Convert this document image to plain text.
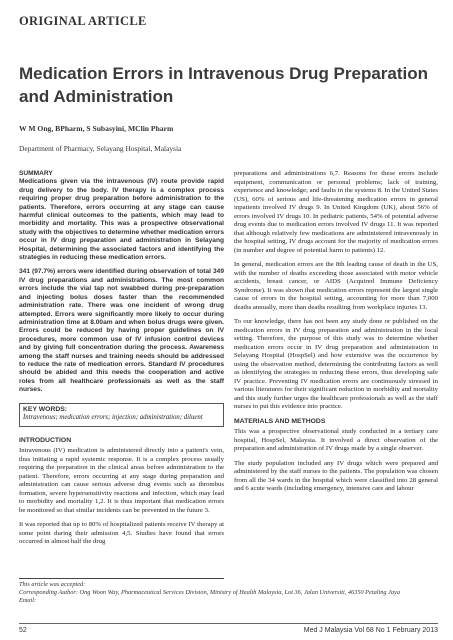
ORIGINAL ARTICLE
Medication Errors in Intravenous Drug Preparation and Administration
W M Ong, BPharm, S Subasyini, MClin Pharm
Department of Pharmacy, Selayang Hospital, Malaysia
SUMMARY

Medications given via the intravenous (IV) route provide rapid drug delivery to the body. IV therapy is a complex process requiring proper drug preparation before administration to the patients. Therefore, errors occurring at any stage can cause harmful clinical outcomes to the patients, which may lead to morbidity and mortality. This was a prospective observational study with the objectives to determine whether medication errors occur in IV drug preparation and administration in Selayang Hospital, determining the associated factors and identifying the strategies in reducing these medication errors.

341 (97.7%) errors were identified during observation of total 349 IV drug preparations and administrations. The most common errors include the vial tap not swabbed during pre-preparation and injecting bolus doses faster than the recommended administration rate. There was one incident of wrong drug attempted. Errors were significantly more likely to occur during administration time at 8.00am and when bolus drugs were given. Errors could be reduced by having proper guidelines on IV procedures, more common use of IV infusion control devices and by giving full concentration during the process. Awareness among the staff nurses and training needs should be addressed to reduce the rate of medication errors. Standard IV procedures should be abided and this needs the cooperation and active roles from all healthcare professionals as well as the staff nurses.

KEY WORDS:
Intravenous; medication errors; injection; administration; diluent
INTRODUCTION

Intravenous (IV) medication is administered directly into a patient's vein, thus initiating a rapid systemic response. It is a complex process usually requiring the preparation in the clinical areas before administration to the patient. Therefore, errors occurring at any stage during preparation and administration can cause serious adverse drug events such as thrombus formation, severe hypersensitivity reactions and infection, which may lead to morbidity and mortality 1,2. It is thus important that medication errors be monitored so that similar incidents can be prevented in the future 3.

It was reported that up to 80% of hospitalized patients receive IV therapy at some point during their admission 4,5. Studies have found that errors occurred in almost half the drug

preparations and administrations 6,7. Reasons for these errors include equipment, communication or personal problems; lack of training, experience and knowledge; and faults in the systems 8. In the United States (US), 60% of serious and life-threatening medication errors in general inpatients involved IV drugs 9. In United Kingdom (UK), about 56% of errors involved IV drugs 10. In pediatric patients, 54% of potential adverse drug events due to medication errors involved IV drugs 11. It was reported that although relatively few medications are administered intravenously in the hospital setting, IV drugs account for the majority of medication errors (in number and degree of potential harm to patients) 12.

In general, medication errors are the 8th leading cause of death in the US, with the number of deaths exceeding those associated with motor vehicle accidents, breast cancer, or AIDS (Acquired Immune Deficiency Syndrome). It was shown that medication errors represent the largest single cause of errors in the hospital setting, accounting for more than 7,000 deaths annually, more than deaths resulting from workplace injuries 13.

To our knowledge, there has not been any study done or published on the medication errors in IV drug preparation and administration in the local setting. Therefore, the purpose of this study was to determine whether medication errors occur in IV drug preparation and administration in Selayang Hospital (HospSel) and how extensive was the occurrence by using the observation method, determining the contributing factors as well as identifying the strategies in reducing these errors, thus developing safe IV practice. Preventing IV medication errors are continuously stressed in various literatures for their significant reduction in morbidity and mortality and this study further urges the healthcare professionals as well as the staff nurses to put this evidence into practice.

MATERIALS AND METHODS

This was a prospective observational study conducted in a tertiary care hospital, HospSel, Malaysia. It involved a direct observation of the preparation and administration of IV drugs made by a single observer.

The study population included any IV drugs which were prepared and administered by the staff nurses to the patients. The population was chosen from all the 34 wards in the hospital which were classified into 28 general and 6 acute wards (including emergency, intensive care and labour

This article was accepted:
Corresponding Author: Ong Woon Way, Pharmaceutical Services Division, Ministry of Health Malaysia, Lot 36, Jalan Universiti, 46350 Petaling Jaya
Email:
52	Med J Malaysia Vol 68 No 1 February 2013
